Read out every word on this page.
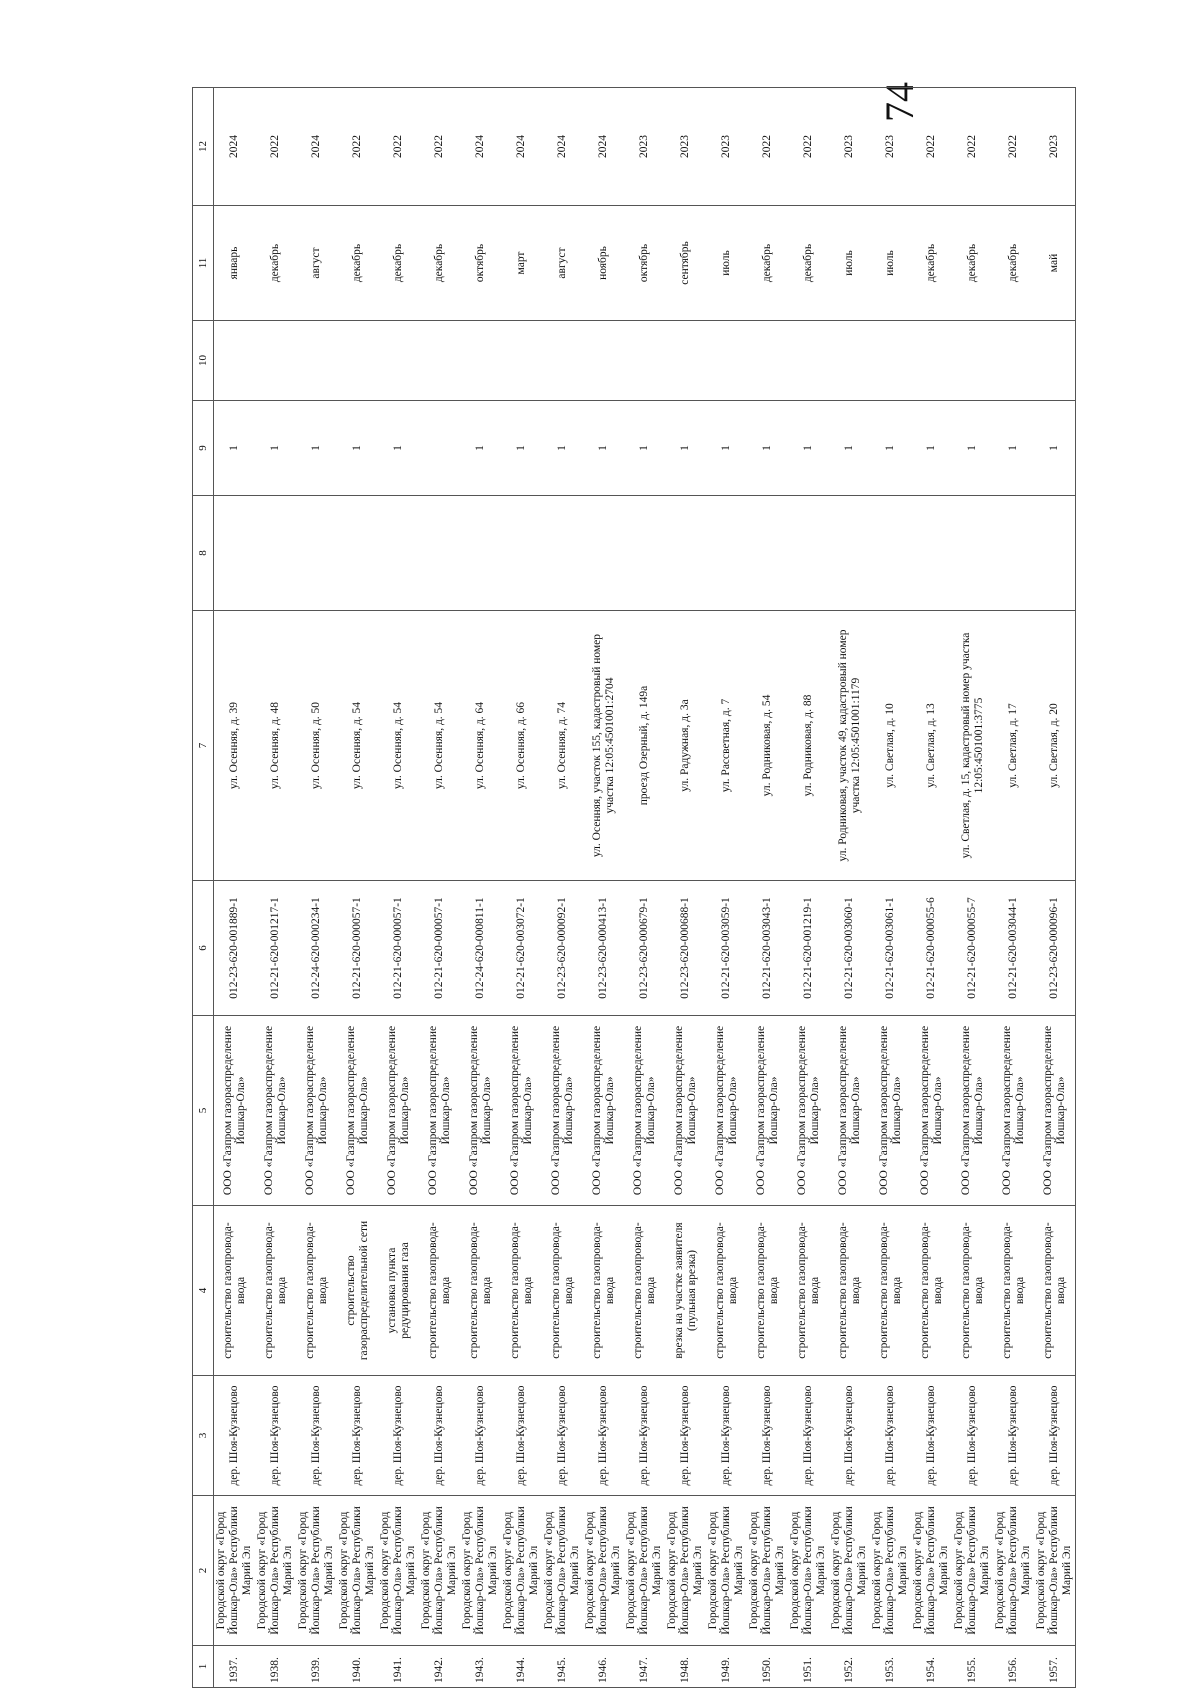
74
1	2	3	4	5	6	7	8	9	10	11	12
1937.	Городской округ «Город Йошкар-Ола» Республики Марий Эл	дер. Шоя-Кузнецово	строительство газопровода-ввода	ООО «Газпром газораспределение Йошкар-Ола»	012-23-620-001889-1	ул. Осенняя, д. 39		1		январь	2024
1938.	Городской округ «Город Йошкар-Ола» Республики Марий Эл	дер. Шоя-Кузнецово	строительство газопровода-ввода	ООО «Газпром газораспределение Йошкар-Ола»	012-21-620-001217-1	ул. Осенняя, д. 48		1		декабрь	2022
1939.	Городской округ «Город Йошкар-Ола» Республики Марий Эл	дер. Шоя-Кузнецово	строительство газопровода-ввода	ООО «Газпром газораспределение Йошкар-Ола»	012-24-620-000234-1	ул. Осенняя, д. 50		1		август	2024
1940.	Городской округ «Город Йошкар-Ола» Республики Марий Эл	дер. Шоя-Кузнецово	строительство газораспределительной сети	ООО «Газпром газораспределение Йошкар-Ола»	012-21-620-000057-1	ул. Осенняя, д. 54		1		декабрь	2022
1941.	Городской округ «Город Йошкар-Ола» Республики Марий Эл	дер. Шоя-Кузнецово	установка пункта редуцирования газа	ООО «Газпром газораспределение Йошкар-Ола»	012-21-620-000057-1	ул. Осенняя, д. 54		1		декабрь	2022
1942.	Городской округ «Город Йошкар-Ола» Республики Марий Эл	дер. Шоя-Кузнецово	строительство газопровода-ввода	ООО «Газпром газораспределение Йошкар-Ола»	012-21-620-000057-1	ул. Осенняя, д. 54				декабрь	2022
1943.	Городской округ «Город Йошкар-Ола» Республики Марий Эл	дер. Шоя-Кузнецово	строительство газопровода-ввода	ООО «Газпром газораспределение Йошкар-Ола»	012-24-620-000811-1	ул. Осенняя, д. 64		1		октябрь	2024
1944.	Городской округ «Город Йошкар-Ола» Республики Марий Эл	дер. Шоя-Кузнецово	строительство газопровода-ввода	ООО «Газпром газораспределение Йошкар-Ола»	012-21-620-003072-1	ул. Осенняя, д. 66		1		март	2024
1945.	Городской округ «Город Йошкар-Ола» Республики Марий Эл	дер. Шоя-Кузнецово	строительство газопровода-ввода	ООО «Газпром газораспределение Йошкар-Ола»	012-23-620-000092-1	ул. Осенняя, д. 74		1		август	2024
1946.	Городской округ «Город Йошкар-Ола» Республики Марий Эл	дер. Шоя-Кузнецово	строительство газопровода-ввода	ООО «Газпром газораспределение Йошкар-Ола»	012-23-620-000413-1	ул. Осенняя, участок 155, кадастровый номер участка 12:05:4501001:2704		1		ноябрь	2024
1947.	Городской округ «Город Йошкар-Ола» Республики Марий Эл	дер. Шоя-Кузнецово	строительство газопровода-ввода	ООО «Газпром газораспределение Йошкар-Ола»	012-23-620-000679-1	проезд Озерный, д. 149а		1		октябрь	2023
1948.	Городской округ «Город Йошкар-Ола» Республики Марий Эл	дер. Шоя-Кузнецово	врезка на участке заявителя (пульная врезка)	ООО «Газпром газораспределение Йошкар-Ола»	012-23-620-000688-1	ул. Радужная, д. 3а		1		сентябрь	2023
1949.	Городской округ «Город Йошкар-Ола» Республики Марий Эл	дер. Шоя-Кузнецово	строительство газопровода-ввода	ООО «Газпром газораспределение Йошкар-Ола»	012-21-620-003059-1	ул. Рассветная, д. 7		1		июль	2023
1950.	Городской округ «Город Йошкар-Ола» Республики Марий Эл	дер. Шоя-Кузнецово	строительство газопровода-ввода	ООО «Газпром газораспределение Йошкар-Ола»	012-21-620-003043-1	ул. Родниковая, д. 54		1		декабрь	2022
1951.	Городской округ «Город Йошкар-Ола» Республики Марий Эл	дер. Шоя-Кузнецово	строительство газопровода-ввода	ООО «Газпром газораспределение Йошкар-Ола»	012-21-620-001219-1	ул. Родниковая, д. 88		1		декабрь	2022
1952.	Городской округ «Город Йошкар-Ола» Республики Марий Эл	дер. Шоя-Кузнецово	строительство газопровода-ввода	ООО «Газпром газораспределение Йошкар-Ола»	012-21-620-003060-1	ул. Родниковая, участок 49, кадастровый номер участка 12:05:4501001:1179		1		июль	2023
1953.	Городской округ «Город Йошкар-Ола» Республики Марий Эл	дер. Шоя-Кузнецово	строительство газопровода-ввода	ООО «Газпром газораспределение Йошкар-Ола»	012-21-620-003061-1	ул. Светлая, д. 10		1		июль	2023
1954.	Городской округ «Город Йошкар-Ола» Республики Марий Эл	дер. Шоя-Кузнецово	строительство газопровода-ввода	ООО «Газпром газораспределение Йошкар-Ола»	012-21-620-000055-6	ул. Светлая, д. 13		1		декабрь	2022
1955.	Городской округ «Город Йошкар-Ола» Республики Марий Эл	дер. Шоя-Кузнецово	строительство газопровода-ввода	ООО «Газпром газораспределение Йошкар-Ола»	012-21-620-000055-7	ул. Светлая, д. 15, кадастровый номер участка 12:05:4501001:3775		1		декабрь	2022
1956.	Городской округ «Город Йошкар-Ола» Республики Марий Эл	дер. Шоя-Кузнецово	строительство газопровода-ввода	ООО «Газпром газораспределение Йошкар-Ола»	012-21-620-003044-1	ул. Светлая, д. 17		1		декабрь	2022
1957.	Городской округ «Город Йошкар-Ола» Республики Марий Эл	дер. Шоя-Кузнецово	строительство газопровода-ввода	ООО «Газпром газораспределение Йошкар-Ола»	012-23-620-000096-1	ул. Светлая, д. 20		1		май	2023
